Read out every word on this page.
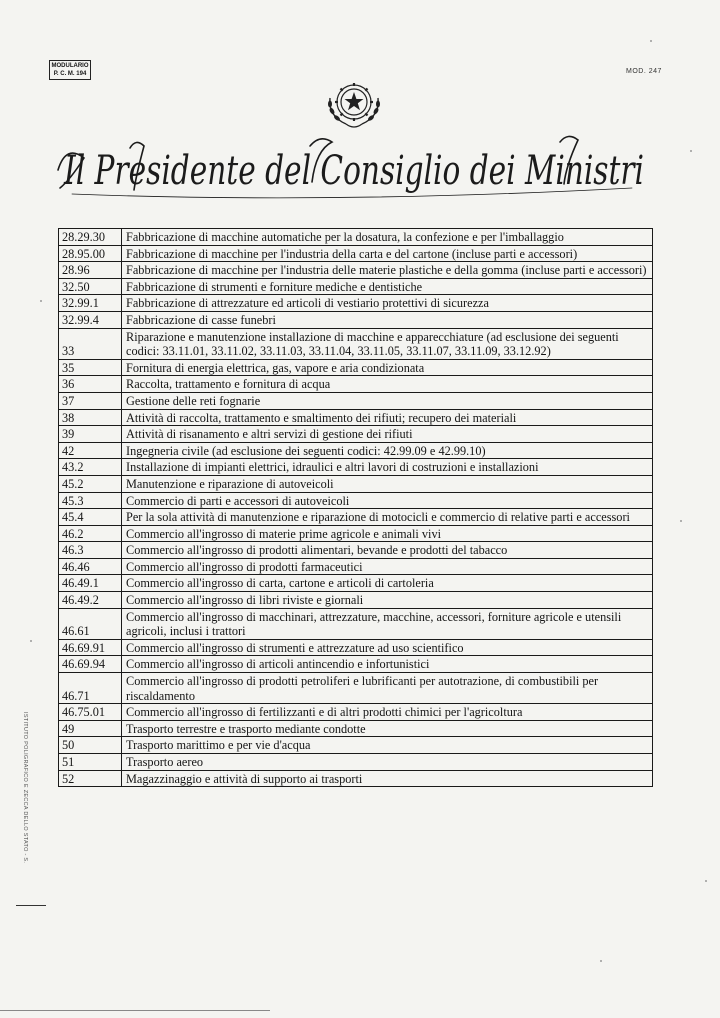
MODULARIO
P. C. M. 194	MOD. 247
Il Presidente del Consiglio dei Ministri
28.29.30	Fabbricazione di macchine automatiche per la dosatura, la confezione e per l'imballaggio
28.95.00	Fabbricazione di macchine per l'industria della carta e del cartone (incluse parti e accessori)
28.96	Fabbricazione di macchine per l'industria delle materie plastiche e della gomma (incluse parti e accessori)
32.50	Fabbricazione di strumenti e forniture mediche e dentistiche
32.99.1	Fabbricazione di attrezzature ed articoli di vestiario protettivi di sicurezza
32.99.4	Fabbricazione di casse funebri
33	Riparazione e manutenzione installazione di macchine e apparecchiature (ad esclusione dei seguenti codici: 33.11.01, 33.11.02, 33.11.03, 33.11.04, 33.11.05, 33.11.07, 33.11.09, 33.12.92)
35	Fornitura di energia elettrica, gas, vapore e aria condizionata
36	Raccolta, trattamento e fornitura di acqua
37	Gestione delle reti fognarie
38	Attività di raccolta, trattamento e smaltimento dei rifiuti; recupero dei materiali
39	Attività di risanamento e altri servizi di gestione dei rifiuti
42	Ingegneria civile (ad esclusione dei seguenti codici: 42.99.09 e 42.99.10)
43.2	Installazione di impianti elettrici, idraulici e altri lavori di costruzioni e installazioni
45.2	Manutenzione e riparazione di autoveicoli
45.3	Commercio di parti e accessori di autoveicoli
45.4	Per la sola attività di manutenzione e riparazione di motocicli e commercio di relative parti e accessori
46.2	Commercio all'ingrosso di materie prime agricole e animali vivi
46.3	Commercio all'ingrosso di prodotti alimentari, bevande e prodotti del tabacco
46.46	Commercio all'ingrosso di prodotti farmaceutici
46.49.1	Commercio all'ingrosso di carta, cartone e articoli di cartoleria
46.49.2	Commercio all'ingrosso di libri riviste e giornali
46.61	Commercio all'ingrosso di macchinari, attrezzature, macchine, accessori, forniture agricole e utensili agricoli, inclusi i trattori
46.69.91	Commercio all'ingrosso di strumenti e attrezzature ad uso scientifico
46.69.94	Commercio all'ingrosso di articoli antincendio e infortunistici
46.71	Commercio all'ingrosso di prodotti petroliferi e lubrificanti per autotrazione, di combustibili per riscaldamento
46.75.01	Commercio all'ingrosso di fertilizzanti e di altri prodotti chimici per l'agricoltura
49	Trasporto terrestre e trasporto mediante condotte
50	Trasporto marittimo e per vie d'acqua
51	Trasporto aereo
52	Magazzinaggio e attività di supporto ai trasporti
ISTITUTO POLIGRAFICO E ZECCA DELLO STATO - S.
